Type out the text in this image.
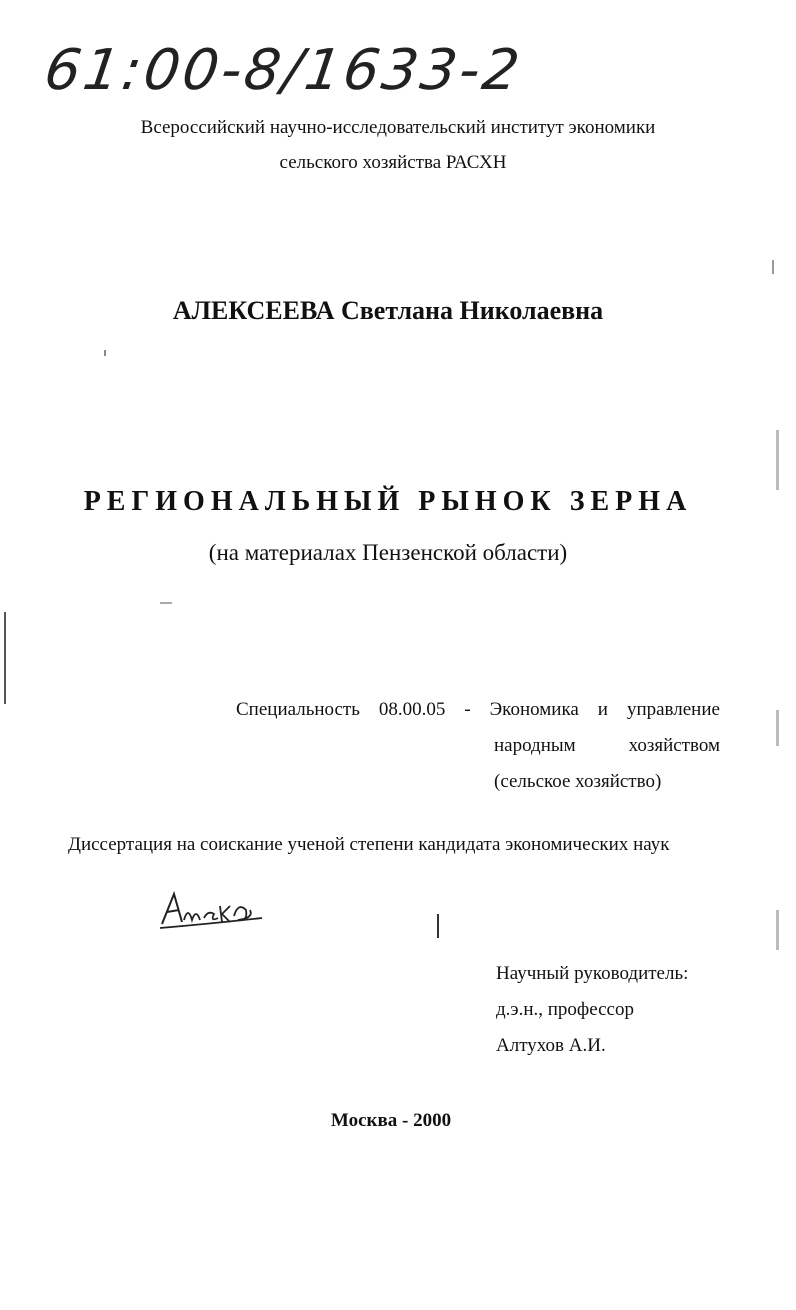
61:00-8/1633-2
Всероссийский научно-исследовательский институт экономики
сельского хозяйства РАСХН
АЛЕКСЕЕВА Светлана Николаевна
РЕГИОНАЛЬНЫЙ РЫНОК ЗЕРНА
(на материалах Пензенской области)
Специальность 08.00.05 - Экономика и управление
народным	хозяйством
(сельское хозяйство)
Диссертация на соискание ученой степени кандидата экономических наук
Научный руководитель:
д.э.н., профессор
Алтухов А.И.
Москва - 2000
